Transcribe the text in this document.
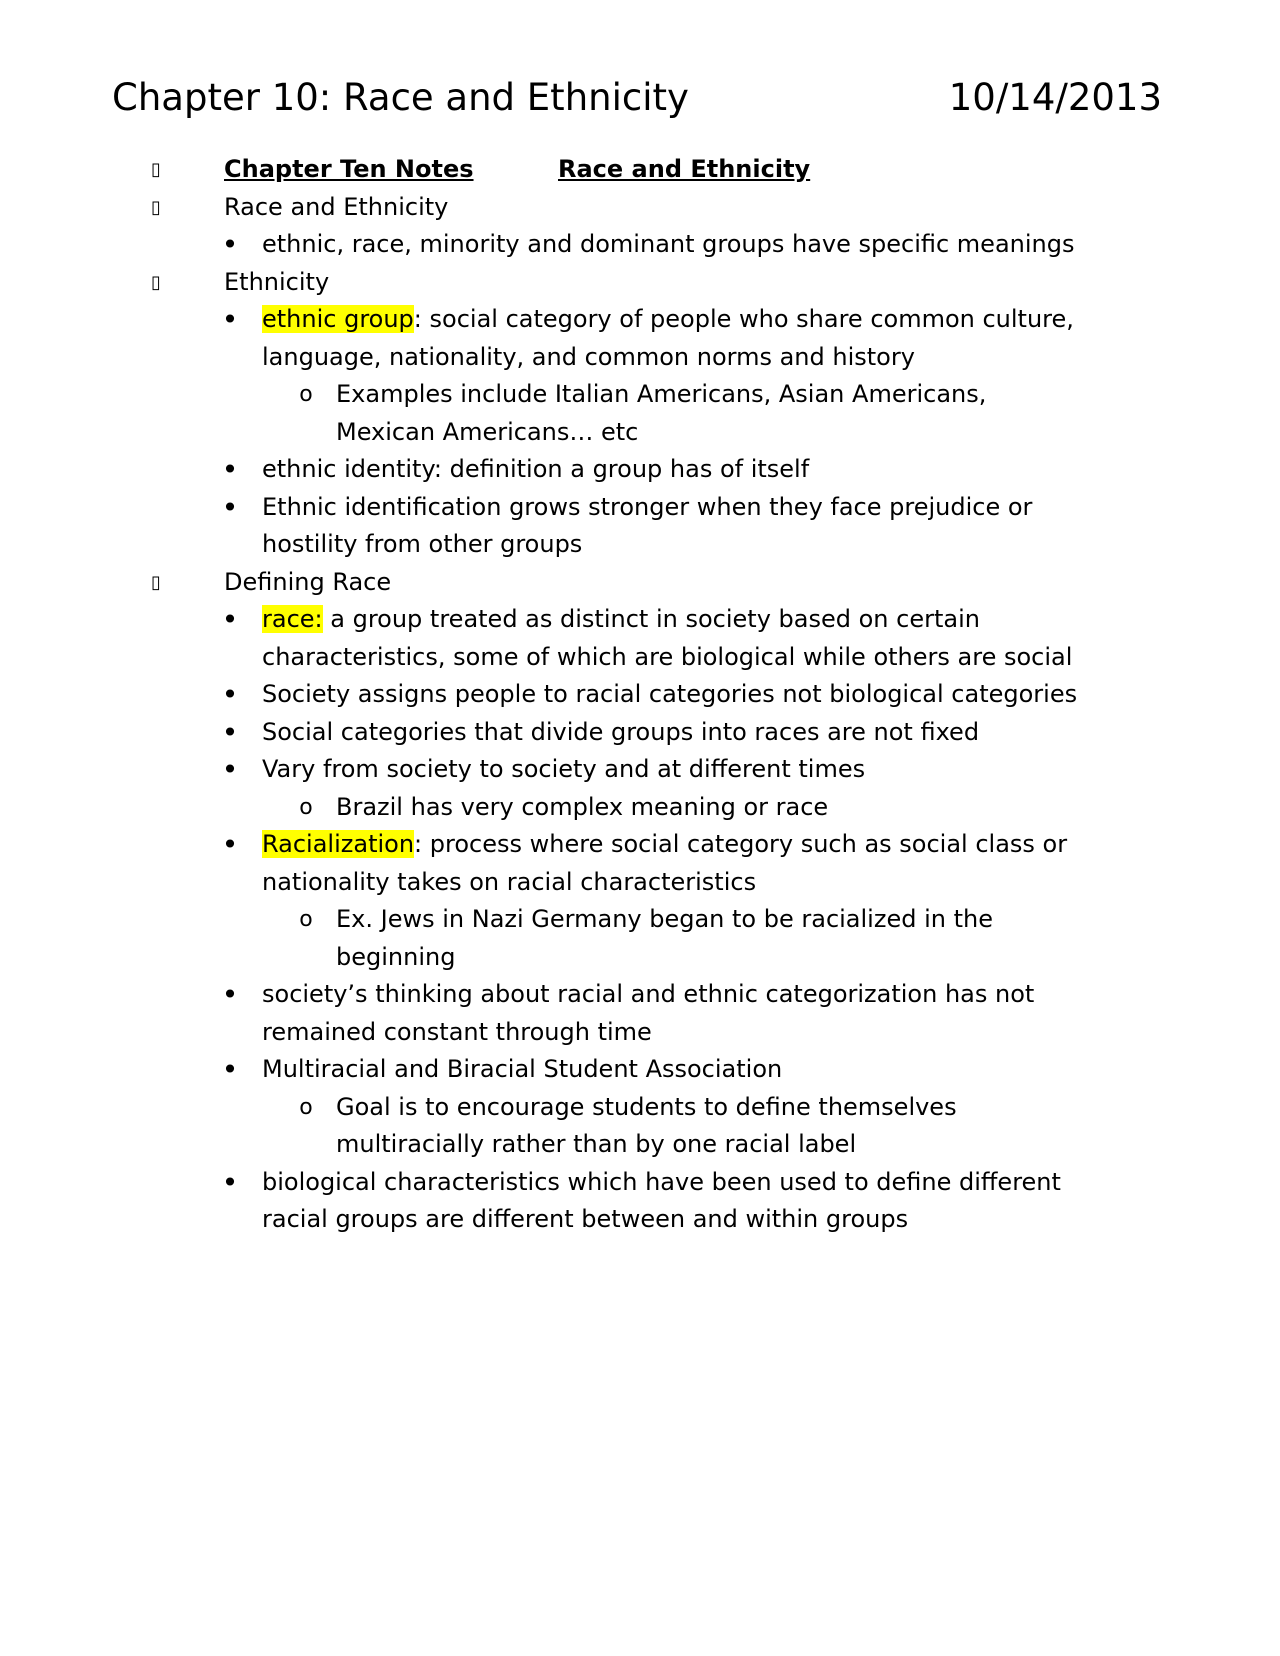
Chapter 10: Race and Ethnicity	10/14/2013
▯	Chapter Ten Notes	Race and Ethnicity
▯	Race and Ethnicity
• ethnic, race, minority and dominant groups have specific meanings
▯	Ethnicity
• ethnic group: social category of people who share common culture,
language, nationality, and common norms and history
o Examples include Italian Americans, Asian Americans,
Mexican Americans… etc
• ethnic identity: definition a group has of itself
• Ethnic identification grows stronger when they face prejudice or
hostility from other groups
▯	Defining Race
• race: a group treated as distinct in society based on certain
characteristics, some of which are biological while others are social
• Society assigns people to racial categories not biological categories
• Social categories that divide groups into races are not fixed
• Vary from society to society and at different times
o Brazil has very complex meaning or race
• Racialization: process where social category such as social class or
nationality takes on racial characteristics
o Ex. Jews in Nazi Germany began to be racialized in the
beginning
• society’s thinking about racial and ethnic categorization has not
remained constant through time
• Multiracial and Biracial Student Association
o Goal is to encourage students to define themselves
multiracially rather than by one racial label
• biological characteristics which have been used to define different
racial groups are different between and within groups
